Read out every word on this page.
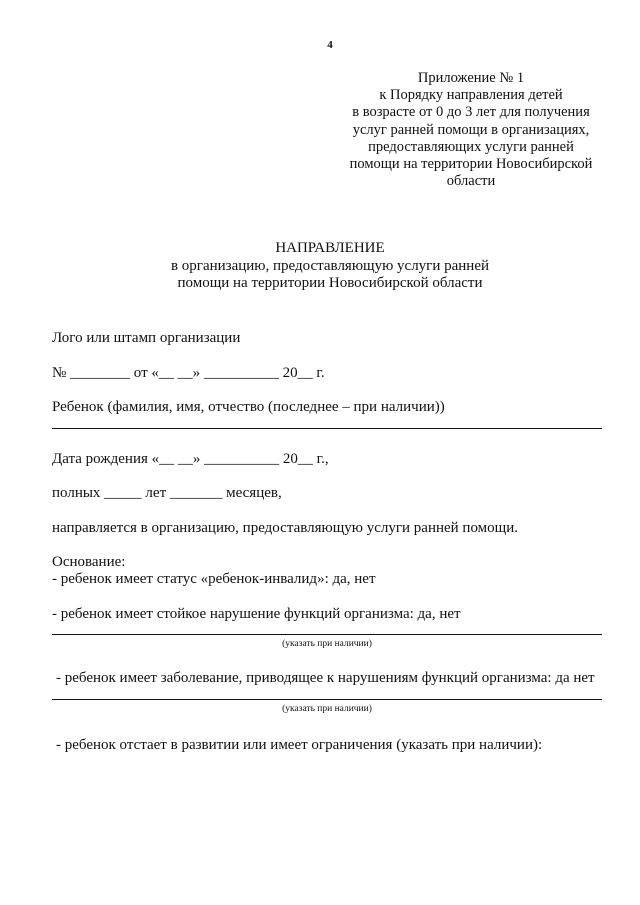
4

Приложение № 1
к Порядку направления детей
в возрасте от 0 до 3 лет для получения
услуг ранней помощи в организациях,
предоставляющих услуги ранней
помощи на территории Новосибирской
области
НАПРАВЛЕНИЕ
в организацию, предоставляющую услуги ранней
помощи на территории Новосибирской области

Лого или штамп организации

№ ________ от «__ __» __________ 20__ г.

Ребенок (фамилия, имя, отчество (последнее – при наличии))

Дата рождения «__ __» __________ 20__ г.,

полных _____ лет _______ месяцев,

направляется в организацию, предоставляющую услуги ранней помощи.

Основание:

- ребенок имеет статус «ребенок-инвалид»: да, нет

- ребенок имеет стойкое нарушение функций организма: да, нет

(указать при наличии)

- ребенок имеет заболевание, приводящее к нарушениям функций организма: да нет

(указать при наличии)

- ребенок отстает в развитии или имеет ограничения (указать при наличии):
